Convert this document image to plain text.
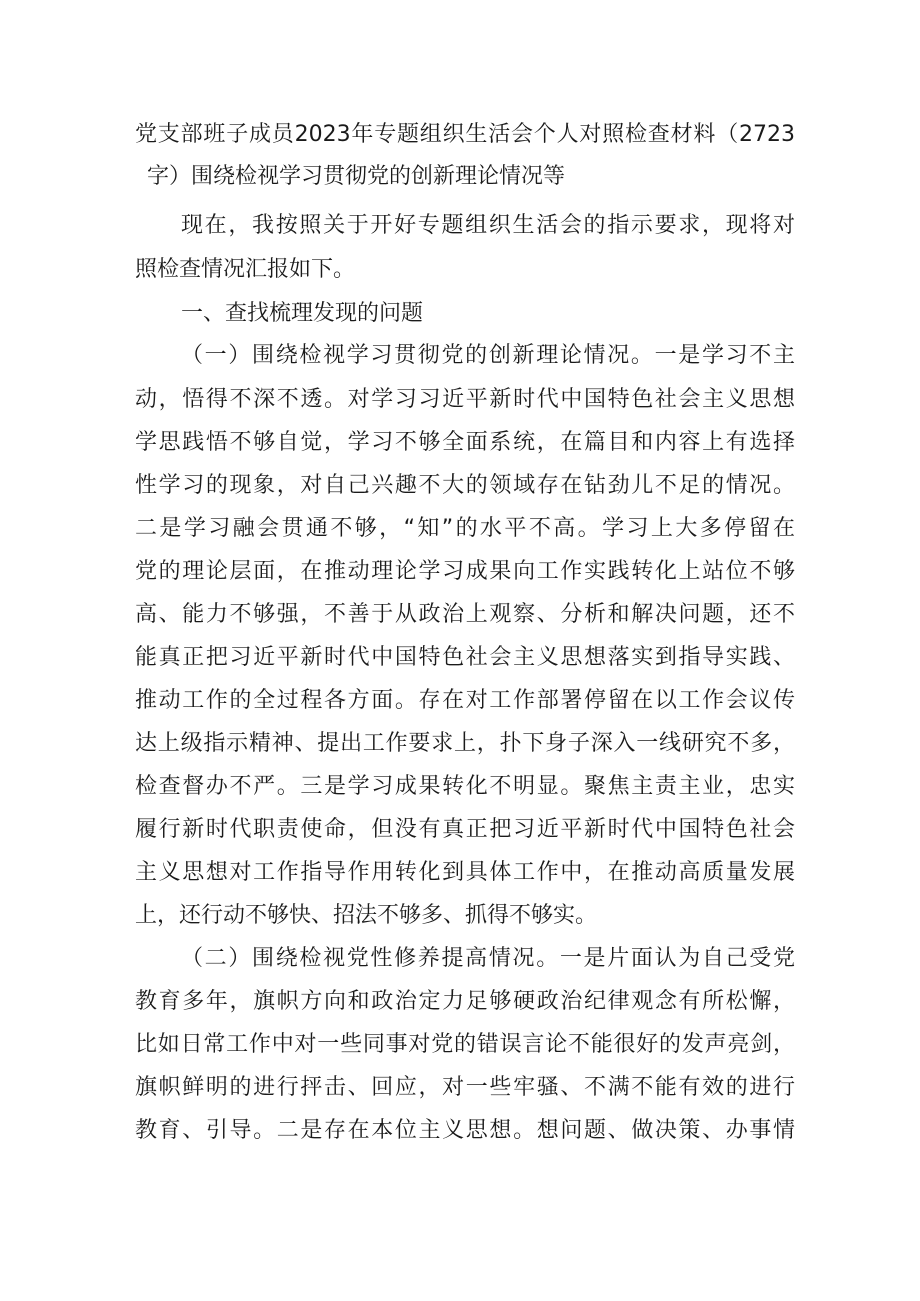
党支部班子成员2023年专题组织生活会个人对照检查材料（2723
字）围绕检视学习贯彻党的创新理论情况等
现在，我按照关于开好专题组织生活会的指示要求，现将对
照检查情况汇报如下。
一、查找梳理发现的问题
（一）围绕检视学习贯彻党的创新理论情况。一是学习不主
动，悟得不深不透。对学习习近平新时代中国特色社会主义思想
学思践悟不够自觉，学习不够全面系统，在篇目和内容上有选择
性学习的现象，对自己兴趣不大的领域存在钻劲儿不足的情况。
二是学习融会贯通不够，“知”的水平不高。学习上大多停留在
党的理论层面，在推动理论学习成果向工作实践转化上站位不够
高、能力不够强，不善于从政治上观察、分析和解决问题，还不
能真正把习近平新时代中国特色社会主义思想落实到指导实践、
推动工作的全过程各方面。存在对工作部署停留在以工作会议传
达上级指示精神、提出工作要求上，扑下身子深入一线研究不多，
检查督办不严。三是学习成果转化不明显。聚焦主责主业，忠实
履行新时代职责使命，但没有真正把习近平新时代中国特色社会
主义思想对工作指导作用转化到具体工作中，在推动高质量发展
上，还行动不够快、招法不够多、抓得不够实。
（二）围绕检视党性修养提高情况。一是片面认为自己受党
教育多年，旗帜方向和政治定力足够硬政治纪律观念有所松懈，
比如日常工作中对一些同事对党的错误言论不能很好的发声亮剑，
旗帜鲜明的进行抨击、回应，对一些牢骚、不满不能有效的进行
教育、引导。二是存在本位主义思想。想问题、做决策、办事情
